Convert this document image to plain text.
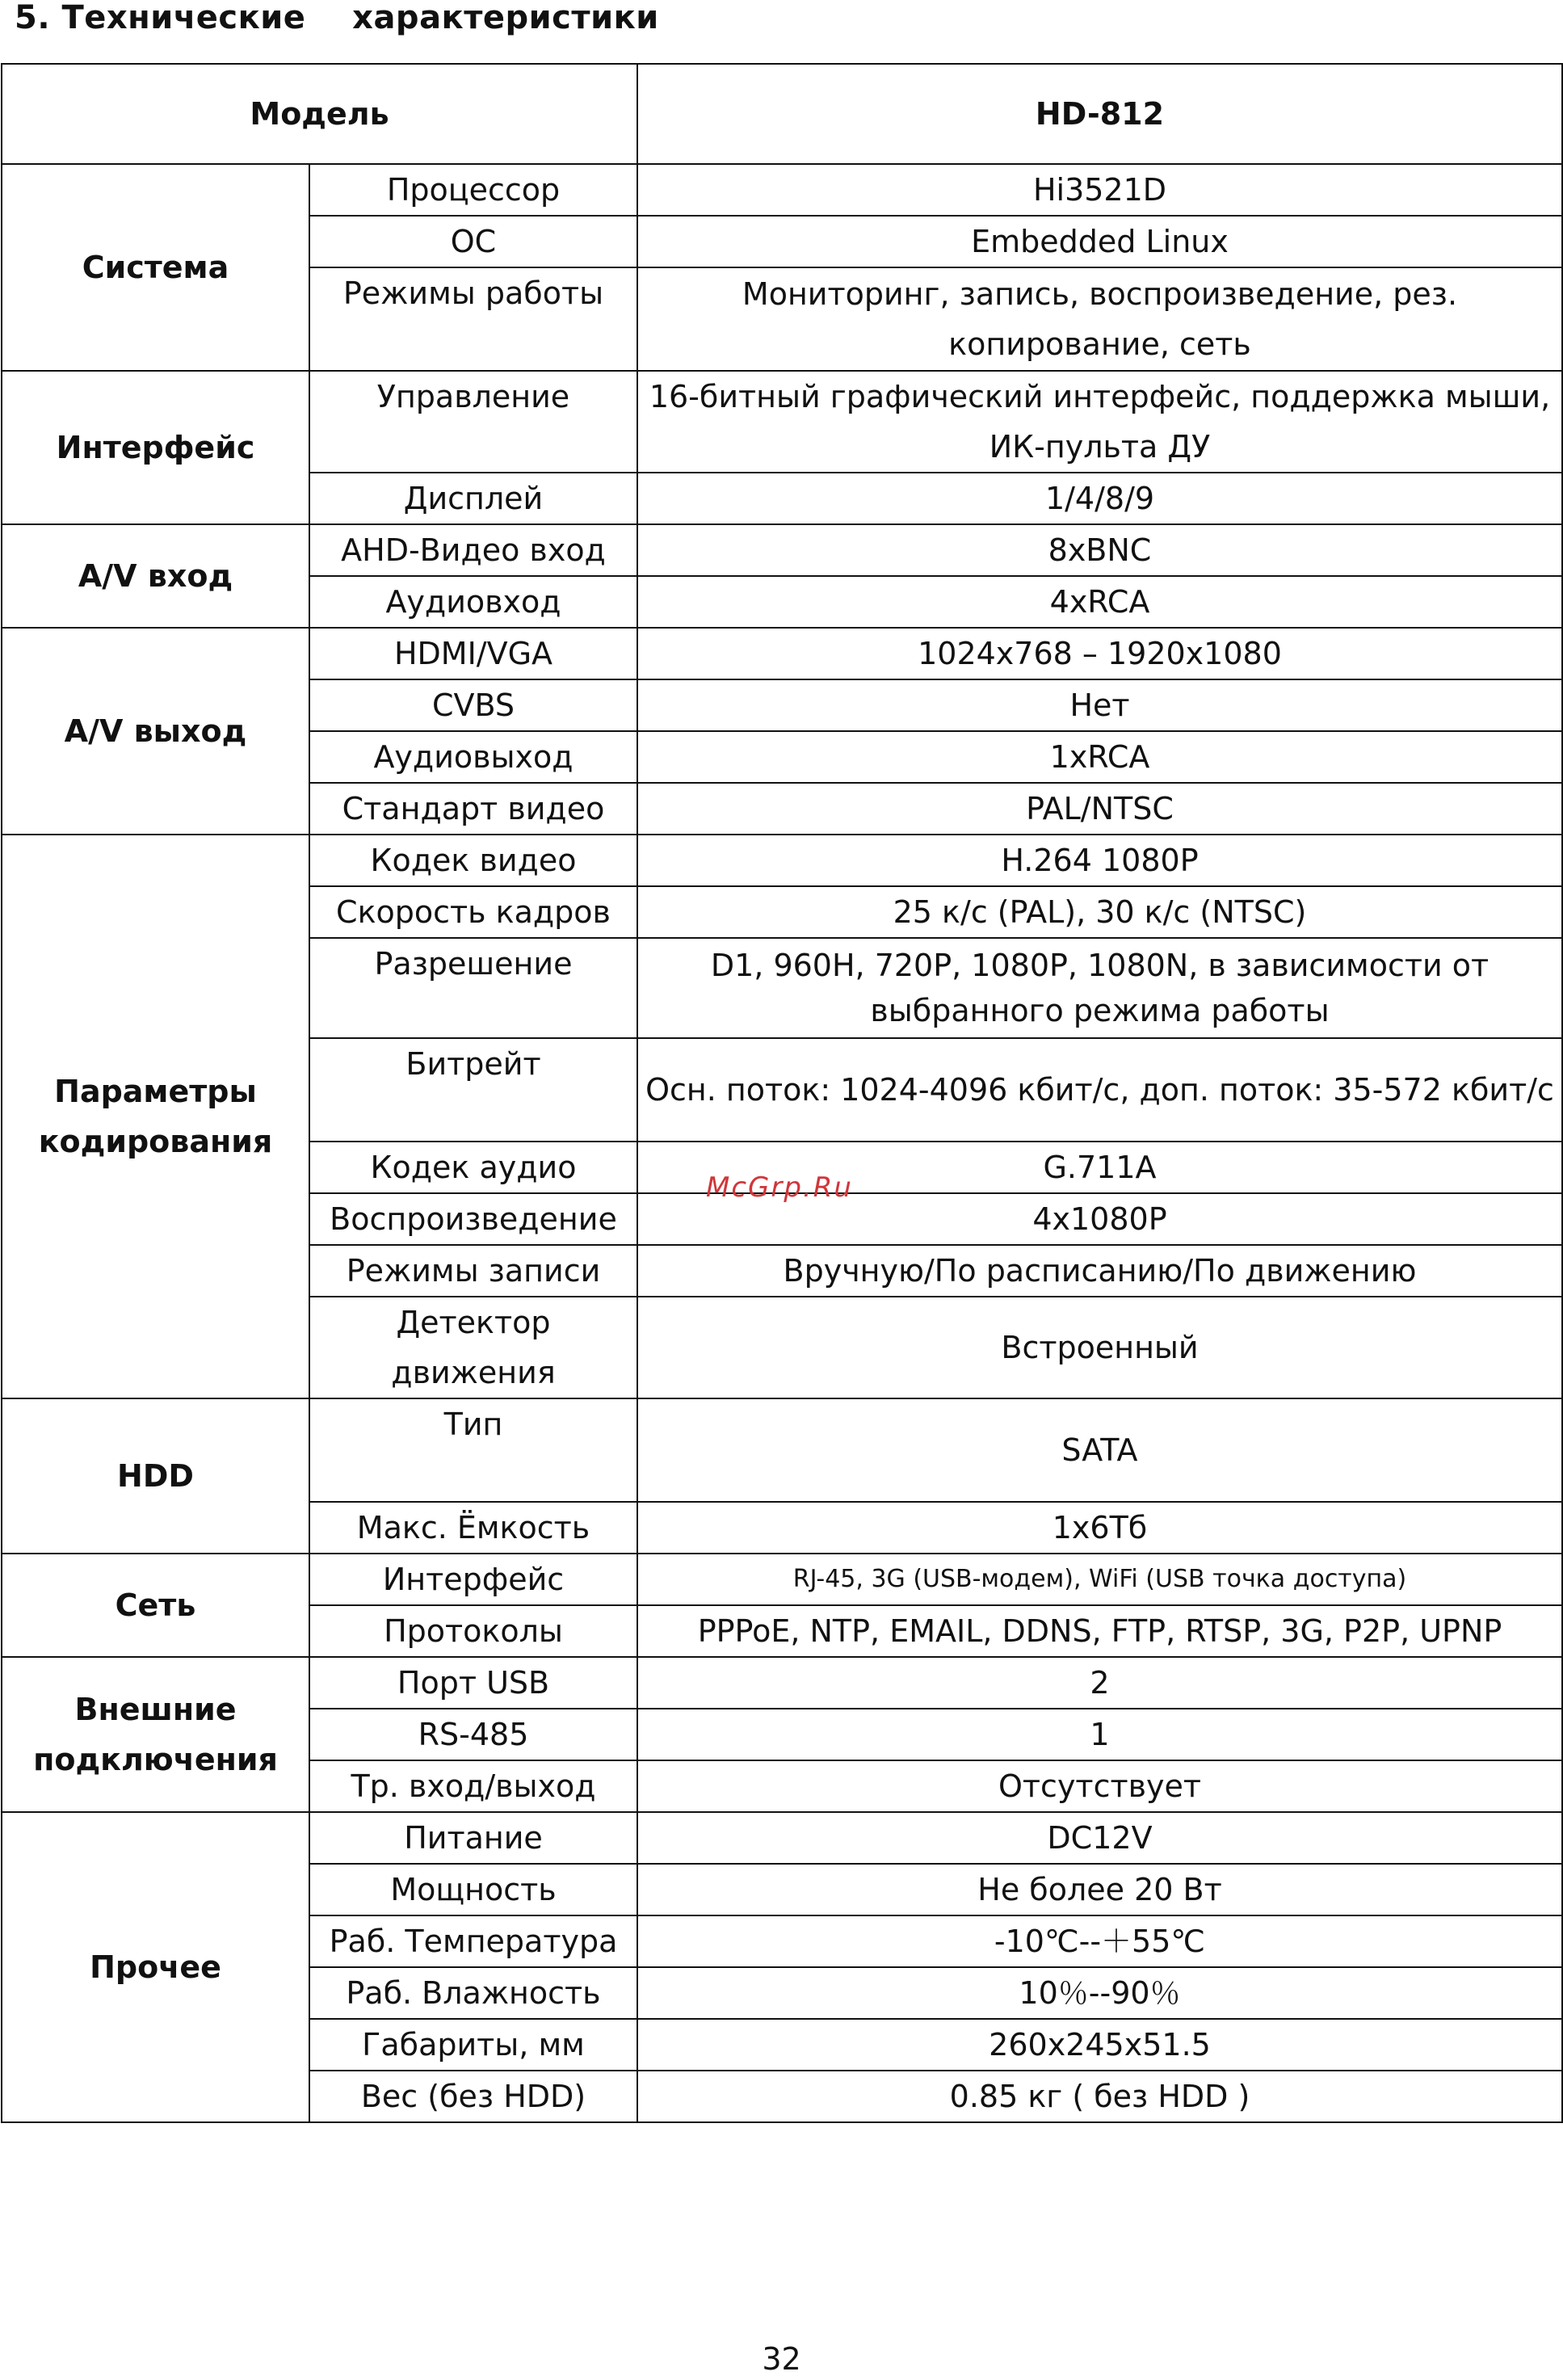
5. Технические    характеристики
Модель		HD-812
Система	Процессор	Hi3521D
	ОС	Embedded Linux
	Режимы работы	Мониторинг, запись, воспроизведение, рез. копирование, сеть
Интерфейс	Управление	16-битный графический интерфейс, поддержка мыши, ИК-пульта ДУ
	Дисплей	1/4/8/9
A/V вход	AHD-Видео вход	8xBNC
	Аудиовход	4xRCA
A/V выход	HDMI/VGA	1024x768 – 1920x1080
	CVBS	Нет
	Аудиовыход	1xRCA
	Стандарт видео	PAL/NTSC
Параметры кодирования	Кодек видео	H.264 1080P
	Скорость кадров	25 к/с (PAL), 30 к/с (NTSC)
	Разрешение	D1, 960H, 720P, 1080P, 1080N, в зависимости от выбранного режима работы
	Битрейт	Осн. поток: 1024-4096 кбит/с, доп. поток: 35-572 кбит/с
	Кодек аудио	G.711A
	Воспроизведение	4x1080P
	Режимы записи	Вручную/По расписанию/По движению
	Детектор движения	Встроенный
HDD	Тип	SATA
	Макс. Ёмкость	1x6Тб
Сеть	Интерфейс	RJ-45, 3G (USB-модем), WiFi (USB точка доступа)
	Протоколы	PPPoE, NTP, EMAIL, DDNS, FTP, RTSP, 3G, P2P, UPNP
Внешние подключения	Порт USB	2
	RS-485	1
	Тр. вход/выход	Отсутствует
Прочее	Питание	DC12V
	Мощность	Не более 20 Вт
	Раб. Температура	-10℃--＋55℃
	Раб. Влажность	10％--90％
	Габариты, мм	260x245x51.5
	Вес (без HDD)	0.85 кг ( без HDD )
McGrp.Ru
32
